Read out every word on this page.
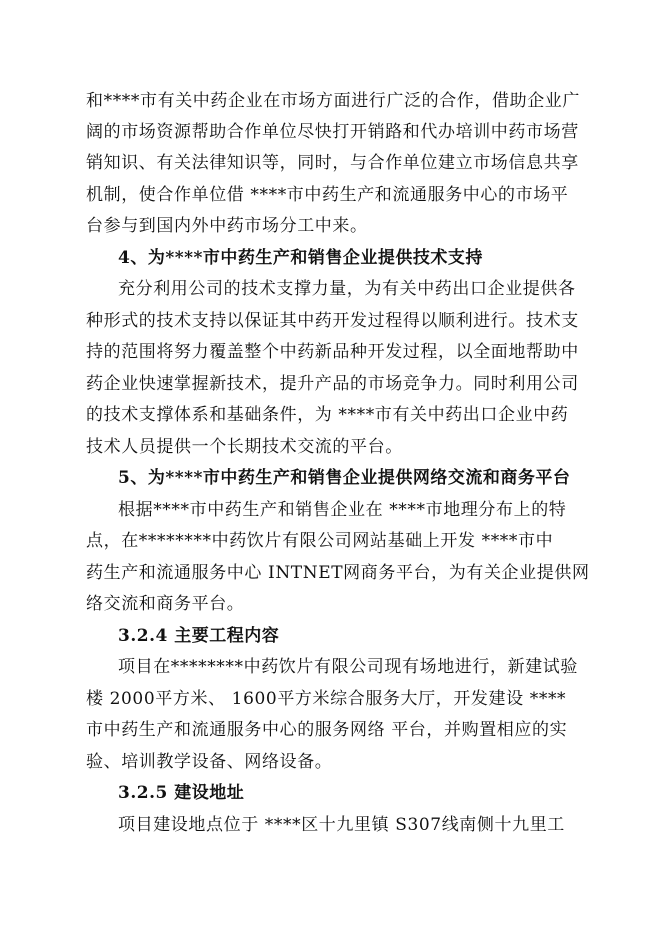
和****市有关中药企业在市场方面进行广泛的合作，借助企业广
阔的市场资源帮助合作单位尽快打开销路和代办培训中药市场营
销知识、有关法律知识等，同时，与合作单位建立市场信息共享
机制，使合作单位借 ****市中药生产和流通服务中心的市场平
台参与到国内外中药市场分工中来。
4、为****市中药生产和销售企业提供技术支持
充分利用公司的技术支撑力量，为有关中药出口企业提供各
种形式的技术支持以保证其中药开发过程得以顺利进行。技术支
持的范围将努力覆盖整个中药新品种开发过程，以全面地帮助中
药企业快速掌握新技术，提升产品的市场竞争力。同时利用公司
的技术支撑体系和基础条件，为 ****市有关中药出口企业中药
技术人员提供一个长期技术交流的平台。
5、为****市中药生产和销售企业提供网络交流和商务平台
根据****市中药生产和销售企业在 ****市地理分布上的特
点，在********中药饮片有限公司网站基础上开发 ****市中
药生产和流通服务中心 INTNET网商务平台，为有关企业提供网
络交流和商务平台。
3.2.4 主要工程内容
项目在********中药饮片有限公司现有场地进行，新建试验
楼 2000平方米、 1600平方米综合服务大厅，开发建设 ****
市中药生产和流通服务中心的服务网络 平台，并购置相应的实
验、培训教学设备、网络设备。
3.2.5 建设地址
项目建设地点位于 ****区十九里镇 S307线南侧十九里工
